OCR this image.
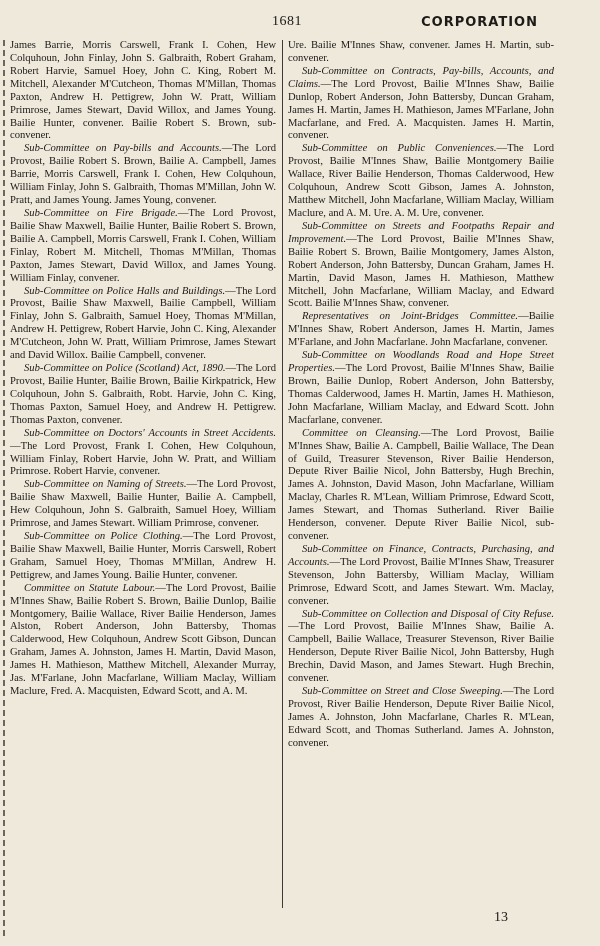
1681	CORPORATION

James Barrie, Morris Carswell, Frank I. Cohen, Hew Colquhoun, John Finlay, John S. Galbraith, Robert Graham, Robert Harvie, Samuel Hoey, John C. King, Robert M. Mitchell, Alexander M'Cutcheon, Thomas M'Millan, Thomas Paxton, Andrew H. Pettigrew, John W. Pratt, William Primrose, James Stewart, David Willox, and James Young. Bailie Hunter, convener. Bailie Robert S. Brown, sub-convener.

Sub-Committee on Pay-bills and Accounts.—The Lord Provost, Bailie Robert S. Brown, Bailie A. Campbell, James Barrie, Morris Carswell, Frank I. Cohen, Hew Colquhoun, William Finlay, John S. Galbraith, Thomas M'Millan, John W. Pratt, and James Young. James Young, convener.

Sub-Committee on Fire Brigade.—The Lord Provost, Bailie Shaw Maxwell, Bailie Hunter, Bailie Robert S. Brown, Bailie A. Campbell, Morris Carswell, Frank I. Cohen, William Finlay, Robert M. Mitchell, Thomas M'Millan, Thomas Paxton, James Stewart, David Willox, and James Young. William Finlay, convener.

Sub-Committee on Police Halls and Buildings.—The Lord Provost, Bailie Shaw Maxwell, Bailie Campbell, William Finlay, John S. Galbraith, Samuel Hoey, Thomas M'Millan, Andrew H. Pettigrew, Robert Harvie, John C. King, Alexander M'Cutcheon, John W. Pratt, William Primrose, James Stewart and David Willox. Bailie Campbell, convener.

Sub-Committee on Police (Scotland) Act, 1890.—The Lord Provost, Bailie Hunter, Bailie Brown, Bailie Kirkpatrick, Hew Colquhoun, John S. Galbraith, Robt. Harvie, John C. King, Thomas Paxton, Samuel Hoey, and Andrew H. Pettigrew. Thomas Paxton, convener.

Sub-Committee on Doctors' Accounts in Street Accidents.—The Lord Provost, Frank I. Cohen, Hew Colquhoun, William Finlay, Robert Harvie, John W. Pratt, and William Primrose. Robert Harvie, convener.

Sub-Committee on Naming of Streets.—The Lord Provost, Bailie Shaw Maxwell, Bailie Hunter, Bailie A. Campbell, Hew Colquhoun, John S. Galbraith, Samuel Hoey, William Primrose, and James Stewart. William Primrose, convener.

Sub-Committee on Police Clothing.—The Lord Provost, Bailie Shaw Maxwell, Bailie Hunter, Morris Carswell, Robert Graham, Samuel Hoey, Thomas M'Millan, Andrew H. Pettigrew, and James Young. Bailie Hunter, convener.

Committee on Statute Labour.—The Lord Provost, Bailie M'Innes Shaw, Bailie Robert S. Brown, Bailie Dunlop, Bailie Montgomery, Bailie Wallace, River Bailie Henderson, James Alston, Robert Anderson, John Battersby, Thomas Calderwood, Hew Colquhoun, Andrew Scott Gibson, Duncan Graham, James A. Johnston, James H. Martin, David Mason, James H. Mathieson, Matthew Mitchell, Alexander Murray, Jas. M'Farlane, John Macfarlane, William Maclay, William Maclure, Fred. A. Macquisten, Edward Scott, and A. M.

Ure. Bailie M'Innes Shaw, convener. James H. Martin, sub-convener.

Sub-Committee on Contracts, Pay-bills, Accounts, and Claims.—The Lord Provost, Bailie M'Innes Shaw, Bailie Dunlop, Robert Anderson, John Battersby, Duncan Graham, James H. Martin, James H. Mathieson, James M'Farlane, John Macfarlane, and Fred. A. Macquisten. James H. Martin, convener.

Sub-Committee on Public Conveniences.—The Lord Provost, Bailie M'Innes Shaw, Bailie Montgomery Bailie Wallace, River Bailie Henderson, Thomas Calderwood, Hew Colquhoun, Andrew Scott Gibson, James A. Johnston, Matthew Mitchell, John Macfarlane, William Maclay, William Maclure, and A. M. Ure. A. M. Ure, convener.

Sub-Committee on Streets and Footpaths Repair and Improvement.—The Lord Provost, Bailie M'Innes Shaw, Bailie Robert S. Brown, Bailie Montgomery, James Alston, Robert Anderson, John Battersby, Duncan Graham, James H. Martin, David Mason, James H. Mathieson, Matthew Mitchell, John Macfarlane, William Maclay, and Edward Scott. Bailie M'Innes Shaw, convener.

Representatives on Joint-Bridges Committee.—Bailie M'Innes Shaw, Robert Anderson, James H. Martin, James M'Farlane, and John Macfarlane. John Macfarlane, convener.

Sub-Committee on Woodlands Road and Hope Street Properties.—The Lord Provost, Bailie M'Innes Shaw, Bailie Brown, Bailie Dunlop, Robert Anderson, John Battersby, Thomas Calderwood, James H. Martin, James H. Mathieson, John Macfarlane, William Maclay, and Edward Scott. John Macfarlane, convener.

Committee on Cleansing.—The Lord Provost, Bailie M'Innes Shaw, Bailie A. Campbell, Bailie Wallace, The Dean of Guild, Treasurer Stevenson, River Bailie Henderson, Depute River Bailie Nicol, John Battersby, Hugh Brechin, James A. Johnston, David Mason, John Macfarlane, William Maclay, Charles R. M'Lean, William Primrose, Edward Scott, James Stewart, and Thomas Sutherland. River Bailie Henderson, convener. Depute River Bailie Nicol, sub-convener.

Sub-Committee on Finance, Contracts, Purchasing, and Accounts.—The Lord Provost, Bailie M'Innes Shaw, Treasurer Stevenson, John Battersby, William Maclay, William Primrose, Edward Scott, and James Stewart. Wm. Maclay, convener.

Sub-Committee on Collection and Disposal of City Refuse.—The Lord Provost, Bailie M'Innes Shaw, Bailie A. Campbell, Bailie Wallace, Treasurer Stevenson, River Bailie Henderson, Depute River Bailie Nicol, John Battersby, Hugh Brechin, David Mason, and James Stewart. Hugh Brechin, convener.

Sub-Committee on Street and Close Sweeping.—The Lord Provost, River Bailie Henderson, Depute River Bailie Nicol, James A. Johnston, John Macfarlane, Charles R. M'Lean, Edward Scott, and Thomas Sutherland. James A. Johnston, convener.

13
